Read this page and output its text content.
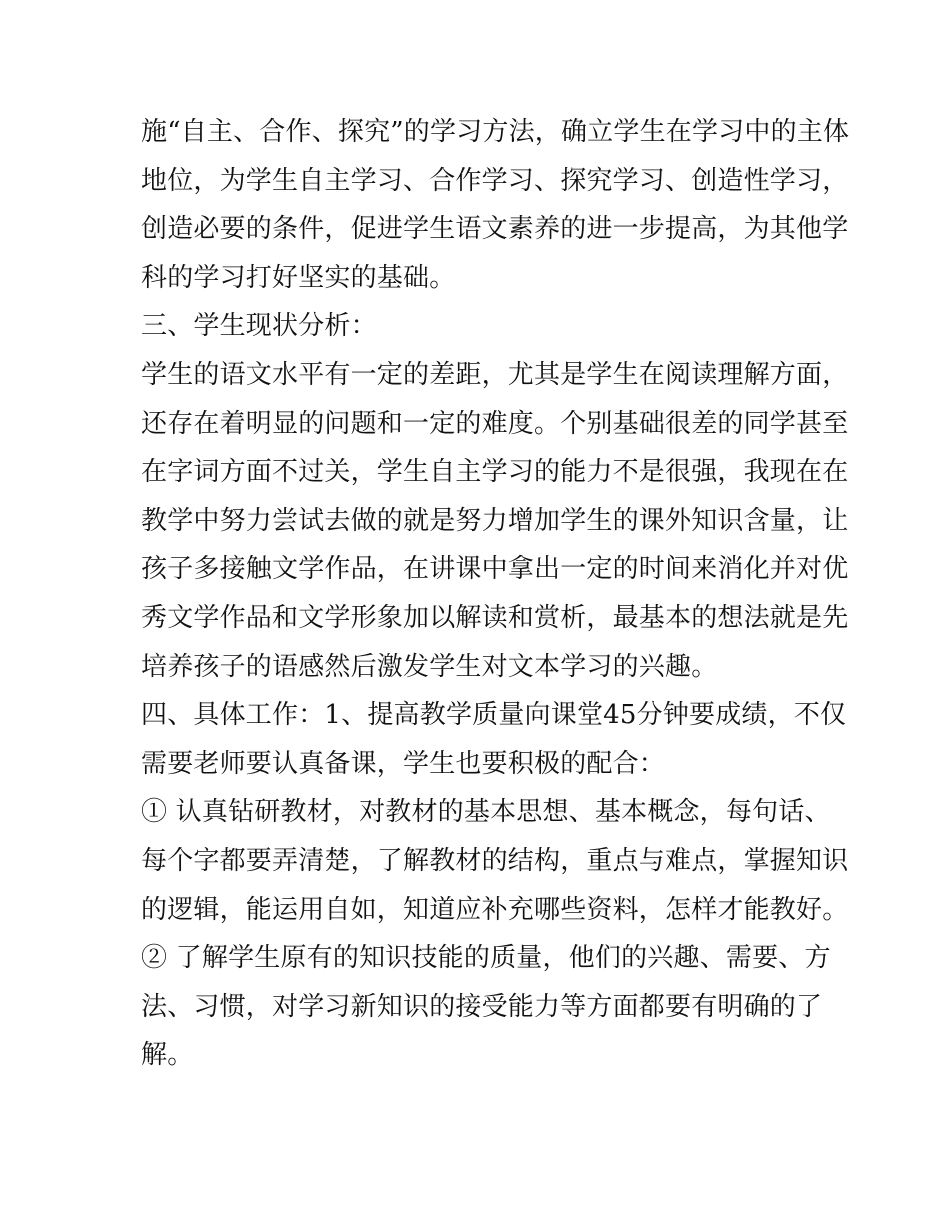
施“自主、合作、探究”的学习方法，确立学生在学习中的主体
地位，为学生自主学习、合作学习、探究学习、创造性学习，
创造必要的条件，促进学生语文素养的进一步提高，为其他学
科的学习打好坚实的基础。
三、学生现状分析：
学生的语文水平有一定的差距，尤其是学生在阅读理解方面，
还存在着明显的问题和一定的难度。个别基础很差的同学甚至
在字词方面不过关，学生自主学习的能力不是很强，我现在在
教学中努力尝试去做的就是努力增加学生的课外知识含量，让
孩子多接触文学作品，在讲课中拿出一定的时间来消化并对优
秀文学作品和文学形象加以解读和赏析，最基本的想法就是先
培养孩子的语感然后激发学生对文本学习的兴趣。
四、具体工作：1、提高教学质量向课堂45分钟要成绩，不仅
需要老师要认真备课，学生也要积极的配合：
① 认真钻研教材，对教材的基本思想、基本概念，每句话、
每个字都要弄清楚，了解教材的结构，重点与难点，掌握知识
的逻辑，能运用自如，知道应补充哪些资料，怎样才能教好。
② 了解学生原有的知识技能的质量，他们的兴趣、需要、方
法、习惯，对学习新知识的接受能力等方面都要有明确的了
解。
